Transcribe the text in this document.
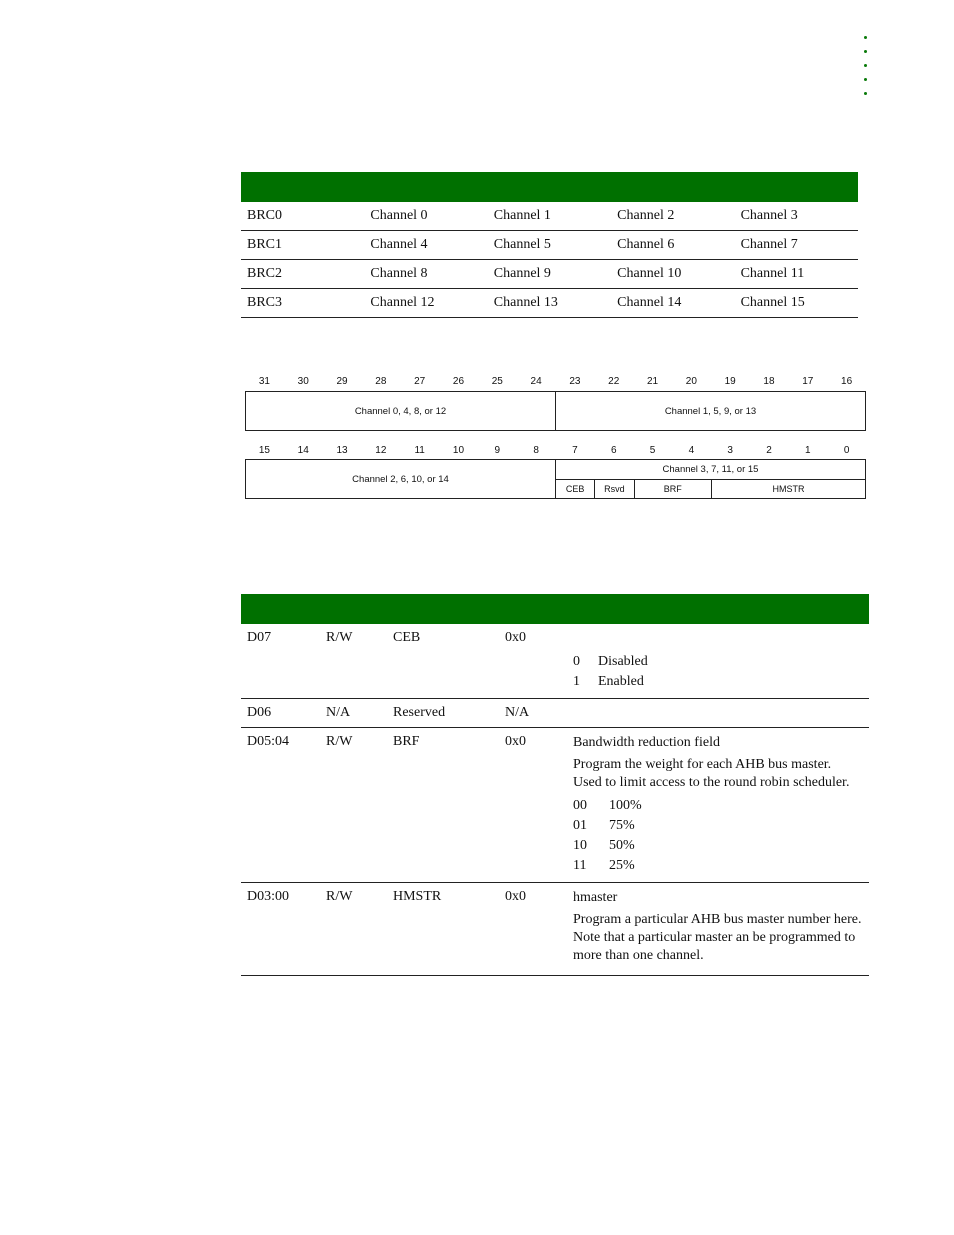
BRC0	Channel 0	Channel 1	Channel 2	Channel 3
BRC1	Channel 4	Channel 5	Channel 6	Channel 7
BRC2	Channel 8	Channel 9	Channel 10	Channel 11
BRC3	Channel 12	Channel 13	Channel 14	Channel 15
31	30	29	28	27	26	25	24	23	22	21	20	19	18	17	16
Channel 0, 4, 8, or 12	Channel 1, 5, 9, or 13
15	14	13	12	11	10	9	8	7	6	5	4	3	2	1	0
Channel 2, 6, 10, or 14
Channel 3, 7, 11, or 15
CEB	Rsvd	BRF	HMSTR
D07	R/W	CEB	0x0
0	Disabled
1	Enabled
D06	N/A	Reserved	N/A
D05:04	R/W	BRF	0x0	Bandwidth reduction field

Program the weight for each AHB bus master. Used to limit access to the round robin scheduler.

00	100%
01	75%
10	50%
11	25%
D03:00	R/W	HMSTR	0x0	hmaster

Program a particular AHB bus master number here. Note that a particular master an be programmed to more than one channel.
